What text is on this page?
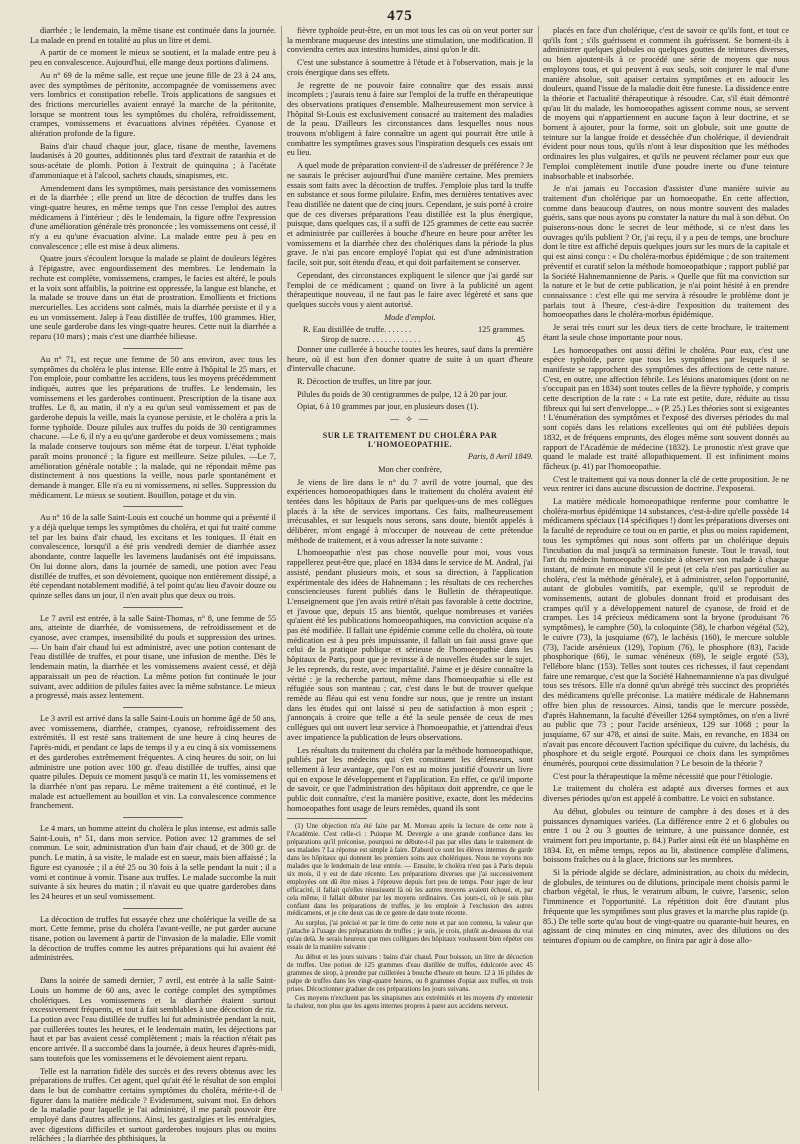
475

diarrhée ; le lendemain, la même tisane est continuée dans la journée. La malade en prend en totalité au plus un litre et demi.

A partir de ce moment le mieux se soutient, et la malade entre peu à peu en convalescence. Aujourd'hui, elle mange deux portions d'alimens.

Au n° 69 de la même salle, est reçue une jeune fille de 23 à 24 ans, avec des symptômes de péritonite, accompagnée de vomissemens avec vers lombrics et constipation rebelle. Trois applications de sangsues et des frictions mercurielles avaient enrayé la marche de la péritonite, lorsque se montrent tous les symptômes du choléra, refroidissement, crampes, vomissemens et évacuations alvines répétées. Cyanose et altération profonde de la figure.

Bains d'air chaud chaque jour, glace, tisane de menthe, lavemens laudanisés à 20 gouttes, additionnés plus tard d'extrait de ratanhia et de sous-acétate de plomb. Potion à l'extrait de quinquina ; à l'acétate d'ammoniaque et à l'alcool, sachets chauds, sinapismes, etc.

Amendement dans les symptômes, mais persistance des vomissemens et de la diarrhée ; elle prend un litre de décoction de truffes dans les vingt-quatre heures, en même temps que l'on cesse l'emploi des autres médicamens à l'intérieur ; dès le lendemain, la figure offre l'expression d'une amélioration générale très prononcée ; les vomissemens ont cessé, il n'y a eu qu'une évacuation alvine. La malade entre peu à peu en convalescence ; elle est mise à deux alimens.

Quatre jours s'écoulent lorsque la malade se plaint de douleurs légères à l'épigastre, avec engourdissement des membres. Le lendemain la rechute est complète, vomissemens, crampes, le facies est altéré, le pouls et la voix sont affaiblis, la poitrine est oppressée, la langue est blanche, et la malade se trouve dans un état de prostration. Emollients et frictions mercurielles. Les accidens sont calmés, mais la diarrhée persiste et il y a eu un vomissement. Jalep à l'eau distillée de truffes, 100 grammes. Hier, une seule garderobe dans les vingt-quatre heures. Cette nuit la diarrhée a reparu (10 mars) ; mais c'est une diarrhée bilieuse.

Au n° 71, est reçue une femme de 50 ans environ, avec tous les symptômes du choléra le plus intense. Elle entre à l'hôpital le 25 mars, et l'on emploie, pour combattre les accidens, tous les moyens précédemment indiqués, autres que les préparations de truffes. Le lendemain, les vomissemens et les garderobes continuent. Prescription de la tisane aux truffes. Le 8, au matin, il n'y a eu qu'un seul vomissement et pas de garderobe depuis la veille, mais la cyanose persiste, et le choléra a pris la forme typhoïde. Douze pilules aux truffes du poids de 30 centigrammes chacune. —Le 6, il n'y a eu qu'une garderobe et deux vomissemens ; mais la malade conserve toujours son même état de torpeur. L'état typhoïde paraît moins prononcé ; la figure est meilleure. Seize pilules. —Le 7, amélioration générale notable ; la malade, qui ne répondait même pas distinctement à nos questions la veille, nous parle spontanément et demande à manger. Elle n'a eu ni vomissemens, ni selles. Suppression du médicament. Le mieux se soutient. Bouillon, potage et du vin.

Au n° 16 de la salle Saint-Louis est couché un homme qui a présenté il y a déjà quelque temps les symptômes du choléra, et qui fut traité comme tel par les bains d'air chaud, les excitans et les toniques. Il était en convalescence, lorsqu'il a été pris vendredi dernier de diarrhée assez abondante, contre laquelle les lavemens laudanisés ont été impuissans. On lui donne alors, dans la journée de samedi, une potion avec l'eau distillée de truffes, et son dévoiement, quoique non entièrement dissipé, a été cependant notablement modifié, à tel point qu'au lieu d'avoir douze ou quinze selles dans un jour, il n'en avait plus que deux ou trois.

Le 7 avril est entrée, à la salle Saint-Thomas, n° 8, une femme de 55 ans, atteinte de diarrhée, de vomissemens, de refroidissement et de cyanose, avec crampes, insensibilité du pouls et suppression des urines. — Un bain d'air chaud lui est administré, avec une potion contenant de l'eau distillée de truffes, et pour tisane, une infusion de menthe. Dès le lendemain matin, la diarrhée et les vomissemens avaient cessé, et déjà apparaissait un peu de réaction. La même potion fut continuée le jour suivant, avec addition de pilules faites avec la même substance. Le mieux a progressé, mais assez lentement.

Le 3 avril est arrivé dans la salle Saint-Louis un homme âgé de 50 ans, avec vomissemens, diarrhée, crampes, cyanose, refroidissement des extrémités. Il est resté sans traitement de une heure à cinq heures de l'après-midi, et pendant ce laps de temps il y a eu cinq à six vomissemens et des garderobes extrêmement fréquentes. A cinq heures du soir, on lui administre une potion avec 100 gr. d'eau distillée de truffes, ainsi que quatre pilules. Depuis ce moment jusqu'à ce matin 11, les vomissemens et la diarrhée n'ont pas reparu. Le même traitement a été continué, et le malade est actuellement au bouillon et vin. La convalescence commence franchement.

Le 4 mars, un homme atteint du choléra le plus intense, est admis salle Saint-Louis, n° 51, dans mon service. Potion avec 12 grammes de sel commun. Le soir, administration d'un bain d'air chaud, et de 300 gr. de punch. Le matin, à sa visite, le malade est en sueur, mais bien affaissé ; la figure est cyanosée ; il a été 25 ou 30 fois à la selle pendant la nuit ; il a vomi et continue à vomir. Tisane aux truffes. Le malade succombe la nuit suivante à six heures du matin ; il n'avait eu que quatre garderobes dans les 24 heures et un seul vomissement.

La décoction de truffes fut essayée chez une cholérique la veille de sa mort. Cette femme, prise du choléra l'avant-veille, ne put garder aucune tisane, potion ou lavement à partir de l'invasion de la maladie. Elle vomit la décoction de truffes comme les autres préparations qui lui avaient été administrées.

Dans la soirée de samedi dernier, 7 avril, est entrée à la salle Saint-Louis un homme de 60 ans, avec le cortège complet des symptômes cholériques. Les vomissemens et la diarrhée étaient surtout excessivement fréquents, et tout à fait semblables à une décoction de riz. La potion avec l'eau distillée de truffes lui fut administrée pendant la nuit, par cuillerées toutes les heures, et le lendemain matin, les déjections par haut et par bas avaient cessé complètement ; mais la réaction n'était pas encore arrivée. Il a succombé dans la journée, à deux heures d'après-midi, sans toutefois que les vomissemens et le dévoiement aient reparu.

Telle est la narration fidèle des succès et des revers obtenus avec les préparations de truffes. Cet agent, quel qu'ait été le résultat de son emploi dans le but de combattre certains symptômes du choléra, mérite-t-il de figurer dans la matière médicale ? Evidemment, suivant moi. En dehors de la maladie pour laquelle je l'ai administré, il me paraît pouvoir être employé dans d'autres affections. Ainsi, les gastralgies et les entéralgies, avec digestions difficiles et surtout garderobes toujours plus ou moins relâchées ; la diarrhée des phthisiques, la

fièvre typhoïde peut-être, en un mot tous les cas où on veut porter sur la membrane muqueuse des intestins une stimulation, une modification. Il conviendra certes aux intestins humides, ainsi qu'on le dit.

C'est une substance à soumettre à l'étude et à l'observation, mais je la crois énergique dans ses effets.

Je regrette de ne pouvoir faire connaître que des essais aussi incomplets ; j'aurais tenu à faire sur l'emploi de la truffe en thérapeutique des observations pratiques d'ensemble. Malheureusement mon service à l'hôpital St-Louis est exclusivement consacré au traitement des maladies de la peau. D'ailleurs les circonstances dans lesquelles nous nous trouvons m'obligent à faire connaître un agent qui pourrait être utile à combattre les symptômes graves sous l'inspiration desquels ces essais ont eu lieu.

A quel mode de préparation convient-il de s'adresser de préférence ? Je ne saurais le préciser aujourd'hui d'une manière certaine. Mes premiers essais sont faits avec la décoction de truffes. J'emploie plus tard la truffe en substance et sous forme pilulaire. Enfin, mes dernières tentatives avec l'eau distillée ne datent que de cinq jours. Cependant, je suis porté à croire que de ces diverses préparations l'eau distillée est la plus énergique, puisque, dans quelques cas, il a suffi de 125 grammes de cette eau sucrée et administrée par cuillerées à bouche d'heure en heure pour arrêter les vomissemens et la diarrhée chez des cholériques dans la période la plus grave. Je n'ai pas encore employé l'opiat qui est d'une administration facile, soit pur, soit étendu d'eau, et qui doit parfaitement se conserver.

Cependant, des circonstances expliquent le silence que j'ai gardé sur l'emploi de ce médicament ; quand on livre à la publicité un agent thérapeutique nouveau, il ne faut pas le faire avec légèreté et sans que quelques succès vous y aient autorisé.

Mode d'emploi.

R. Eau distillée de truffe. . . . . . .	125 grammes.
Sirop de sucre. . . . . . . . . . . . .	45

Donner une cuillerée à bouche toutes les heures, sauf dans la première heure, où il est bon d'en donner quatre de suite à un quart d'heure d'intervalle chacune.

R. Décoction de truffes, un litre par jour.

Pilules du poids de 30 centigrammes de pulpe, 12 à 20 par jour.

Opiat, 6 à 10 grammes par jour, en plusieurs doses (1).

— ✧ —

SUR LE TRAITEMENT DU CHOLÉRA PAR L'HOMOEOPATHIE.

Paris, 8 Avril 1849.

Mon cher confrère,

Je viens de lire dans le n° du 7 avril de votre journal, que des expériences homoeopathiques dans le traitement du choléra avaient été tentées dans les hôpitaux de Paris par quelques-uns de mes collègues placés à la tête de services importans. Ces faits, malheureusement irrécusables, et sur lesquels nous serons, sans doute, bientôt appelés à délibérer, m'ont engagé à m'occuper de nouveau de cette prétendue méthode de traitement, et à vous adresser la note suivante :

L'homoeopathie n'est pas chose nouvelle pour moi, vous vous rappellerez peut-être que, placé en 1834 dans le service de M. Andral, j'ai assisté, pendant plusieurs mois, et sous sa direction, à l'application expérimentale des idées de Hahnemann ; les résultats de ces recherches consciencieuses furent publiés dans le Bulletin de thérapeutique. L'enseignement que j'en avais retiré n'était pas favorable à cette doctrine, et j'avoue que, depuis 15 ans bientôt, quelque nombreuses et variées qu'aient été les publications homoeopathiques, ma conviction acquise n'a pas été modifiée. Il fallait une épidémie comme celle du choléra, où toute médication est à peu près impuissante, il fallait un fait aussi grave que celui de la pratique publique et sérieuse de l'homoeopathie dans les hôpitaux de Paris, pour que je revinsse à de nouvelles études sur le sujet. Je les reprends, du reste, avec impartialité. J'aime et je désire connaître la vérité : je la recherche partout, même dans l'homoeopathie si elle est réfugiée sous son manteau ; car, c'est dans le but de trouver quelque remède au fléau qui est venu fondre sur nous, que je rentre un instant dans les études qui ont laissé si peu de satisfaction à mon esprit ; j'annonçais à croire que telle a été la seule pensée de ceux de mes collègues qui ont ouvert leur service à l'homoeopathie, et j'attendrai d'eux avec impatience la publication de leurs observations.

Les résultats du traitement du choléra par la méthode homoeopathique, publiés par les médecins qui s'en constituent les défenseurs, sont tellement à leur avantage, que l'on est au moins justifié d'ouvrir un livre qui en expose le développement et l'application. En effet, ce qu'il importe de savoir, ce que l'administration des hôpitaux doit apprendre, ce que le public doit connaître, c'est la manière positive, exacte, dont les médecins homoeopathes font usage de leurs remèdes, quand ils sont

(1) Une objection m'a été faite par M. Moreau après la lecture de cette note à l'Académie. C'est celle-ci : Puisque M. Devergie a une grande confiance dans les préparations qu'il préconise, pourquoi ne débute-t-il pas par elles dans le traitement de ses malades ? La réponse est simple à faire. D'abord ce sont les élèves internes de garde dans les hôpitaux qui donnent les premiers soins aux cholériques. Nous ne voyons nos malades que le lendemain de leur entrée. — Ensuite, le choléra n'est pas à Paris depuis six mois, il y est de date récente. Les préparations diverses que j'ai successivement employées ont dû être mises à l'épreuve depuis fort peu de temps. Pour juger de leur efficacité, il fallait qu'elles réussissent là où les autres moyens avaient échoué, et, par cela même, il fallait débuter par les moyens ordinaires. Ces jours-ci, où je suis plus confiant dans les préparations de truffes, je les emploie à l'exclusion des autres médicamens, et je cite deux cas de ce genre de date toute récente.

Au surplus, j'ai précisé et par le titre de cette note et par son contenu, la valeur que j'attache à l'usage des préparations de truffes ; je suis, je crois, plutôt au-dessous du vrai qu'au delà. Je serais heureux que mes collègues des hôpitaux voulussent bien répéter ces essais de la manière suivante :

Au début et les jours suivans : bains d'air chaud. Pour boisson, un litre de décoction de truffes. Une potion de 125 grammes d'eau distillée de truffes, édulcorée avec 45 grammes de sirop, à prendre par cuillerées à bouche d'heure en heure. 12 à 16 pilules de pulpe de truffes dans les vingt-quatre heures, ou 8 grammes d'opiat aux truffes, en trois prises. Décoctionner graduer de ces préparations les jours suivans.

Ces moyens n'excluent pas les sinapismes aux extrémités et les moyens d'y entretenir la chaleur, non plus que les agens internes propres à parer aux accidens nerveux.

placés en face d'un cholérique, c'est de savoir ce qu'ils font, et tout ce qu'ils font ; s'ils guérissent et comment ils guérissent. Se bornent-ils à administrer quelques globules ou quelques gouttes de teintures diverses, ou bien ajoutent-ils à ce procédé une série de moyens que nous employons tous, et qui peuvent à eux seuls, soit conjurer le mal d'une manière absolue, soit apaiser certains symptômes et en adoucir les douleurs, quand l'issue de la maladie doit être funeste. La dissidence entre la théorie et l'actualité thérapeutique à résoudre. Car, s'il était démontré qu'au lit du malade, les homoeopathes agissent comme nous, se servent de moyens qui n'appartiennent en aucune façon à leur doctrine, et se bornent à ajouter, pour la forme, soit un globule, soit une goutte de teinture sur la langue froide et desséchée d'un cholérique, il deviendrait évident pour nous tous, qu'ils n'ont à leur disposition que les méthodes ordinaires les plus vulgaires, et qu'ils ne peuvent réclamer pour eux que l'emploi complètement inutile d'une poudre inerte ou d'une teinture inabsorbable et inabsorbée.

Je n'ai jamais eu l'occasion d'assister d'une manière suivie au traitement d'un cholérique par un homoeopathe. En cette affection, comme dans beaucoup d'autres, on nous montre souvent des malades guéris, sans que nous ayons pu constater la nature du mal à son début. On puiserons-nous donc le secret de leur méthode, si ce n'est dans les ouvrages qu'ils publient ? Or, j'ai reçu, il y a peu de temps, une brochure dont le titre est affiché depuis quelques jours sur les murs de la capitale et qui est ainsi conçu : « Du choléra-morbus épidémique ; de son traitement préventif et curatif selon la méthode homoeopathique ; rapport publié par la Société Hahnemannienne de Paris. » Quelle que fût ma conviction sur la nature et le but de cette publication, je n'ai point hésité à en prendre connaissance : c'est elle qui me servira à résoudre le problème dont je parlais tout à l'heure, c'est-à-dire l'exposition du traitement des homoeopathes dans le choléra-morbus épidémique.

Je serai très court sur les deux tiers de cette brochure, le traitement étant la seule chose importante pour nous.

Les homoeopathes ont aussi défini le choléra. Pour eux, c'est une espèce typhoïde, parce que tous les symptômes par lesquels il se manifeste se rapprochent des symptômes des affections de cette nature. C'est, en outre, une affection fébrile. Les lésions anatomiques (dont on ne s'occupait pas en 1834) sont toutes celles de la fièvre typhoïde, y compris cette description de la rate : « La rate est petite, dure, réduite au tissu fibreux qui lui sert d'enveloppe... » (P. 25.) Les théories sont si exigeantes ! L'énumération des symptômes et l'exposé des diverses périodes du mal sont copiés dans les relations excellentes qui ont été publiées depuis 1832, et de fréquens emprunts, des éloges même sont souvent donnés au rapport de l'Académie de médecine (1832). Le pronostic n'est grave que quand le malade est traité allopathiquement. Il est infiniment moins fâcheux (p. 41) par l'homoeopathie.

C'est le traitement qui va nous donner la clé de cette proposition. Je ne veux rentrer ici dans aucune discussion de doctrine. J'exposerai.

La matière médicale homoeopathique renferme pour combattre le choléra-morbus épidémique 14 substances, c'est-à-dire qu'elle possède 14 médicamens spéciaux (14 spécifiques !) dont les préparations diverses ont la faculté de reproduire ce tout ou en partie, et plus ou moins rapidement, tous les symptômes qui nous sont offerts par un cholérique depuis l'incubation du mal jusqu'à sa terminaison funeste. Tout le travail, tout l'art du médecin homoeopathe consiste à observer son malade à chaque instant, de minute en minute s'il le peut (et cela n'est pas particulier au choléra, c'est la méthode générale), et à administrer, selon l'opportunité, autant de globules vomitifs, par exemple, qu'il se reproduit de vomissements, autant de globules donnant froid et produisant des crampes qu'il y a développement naturel de cyanose, de froid et de crampes. Les 14 précieux médicamens sont la bryone (produisant 76 symptômes), le camphre (50), la coloquinte (58), le charbon végétal (52), le cuivre (73), la jusquiame (67), le lachésis (160), le mercure soluble (73), l'acide arsénieux (129), l'opium (76), le phosphore (83), l'acide phosphorique (66), le sumac vénéneux (69), le seigle ergoté (53), l'ellébore blanc (153). Telles sont toutes ces richesses, il faut cependant faire une remarque, c'est que la Société Hahnemannienne n'a pas divulgué tous ses trésors. Elle n'a donné qu'un abrégé très succinct des propriétés des médicamens qu'elle préconise. La matière médicale de Hahnemann offre bien plus de ressources. Ainsi, tandis que le mercure possède, d'après Hahnemann, la faculté d'éveiller 1264 symptômes, on n'en a livré au public que 73 ; pour l'acide arsénieux, 129 sur 1068 ; pour la jusquiame, 67 sur 478, et ainsi de suite. Mais, en revanche, en 1834 on n'avait pas encore découvert l'action spécifique du cuivre, du lachésis, du phosphore et du seigle ergoté. Pourquoi ce choix dans les symptômes énumérés, pourquoi cette dissimulation ? Le besoin de la théorie ?

C'est pour la thérapeutique la même nécessité que pour l'étiologie.

Le traitement du choléra est adapté aux diverses formes et aux diverses périodes qu'on est appelé à combattre. Le voici en substance.

Au début, globules ou teinture de camphre à des doses et à des puissances dynamiques variées. (La différence entre 2 et 6 globules ou entre 1 ou 2 ou 3 gouttes de teinture, à une puissance donnée, est vraiment fort peu importante, p. 84.) Parler ainsi eût été un blasphème en 1834. Et, en même temps, repos au lit, abstinence complète d'alimens, boissons fraîches ou à la glace, frictions sur les membres.

Si la période algide se déclare, administration, au choix du médecin, de globules, de teintures ou de dilutions, principale ment choisis parmi le charbon végétal, le rhus, le veratrum album, le cuivre, l'arsenic, selon l'imminence et l'opportunité. La répétition doit être d'autant plus fréquente que les symptômes sont plus graves et la marche plus rapide (p. 85.) De telle sorte qu'au bout de vingt-quatre ou quarante-huit heures, en agissant de cinq minutes en cinq minutes, avec des dilutions ou des teintures d'opium ou de camphre, on finira par agir à dose allo-
